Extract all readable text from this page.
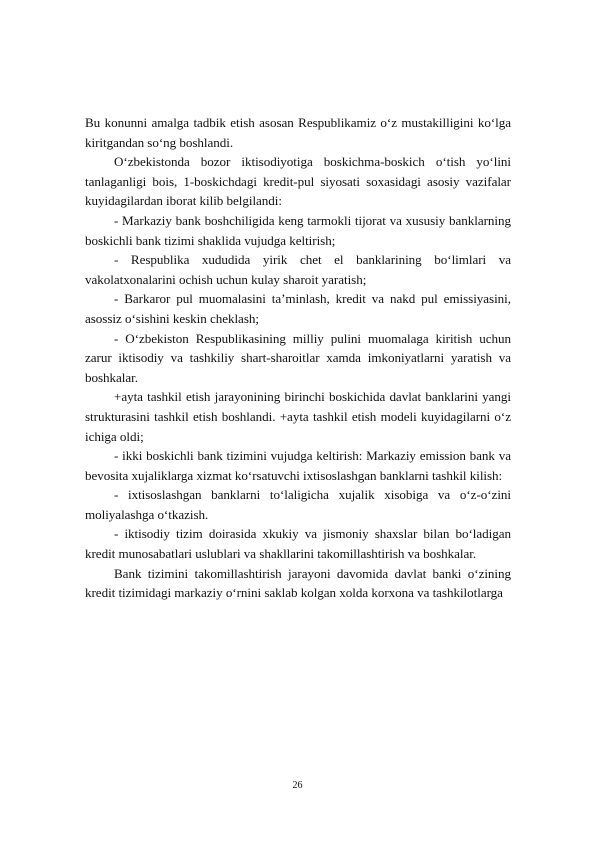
Bu konunni amalga tadbik etish asosan Respublikamiz o‘z mustakilligini ko‘lga kiritgandan so‘ng boshlandi.

O‘zbekistonda bozor iktisodiyotiga boskichma-boskich o‘tish yo‘lini tanlaganligi bois, 1-boskichdagi kredit-pul siyosati soxasidagi asosiy vazifalar kuyidagilardan iborat kilib belgilandi:

- Markaziy bank boshchiligida keng tarmokli tijorat va xususiy banklarning boskichli bank tizimi shaklida vujudga keltirish;

- Respublika xududida yirik chet el banklarining bo‘limlari va vakolatxonalarini ochish uchun kulay sharoit yaratish;

- Barkaror pul muomalasini ta’minlash, kredit va nakd pul emissiyasini, asossiz o‘sishini keskin cheklash;

- O‘zbekiston Respublikasining milliy pulini muomalaga kiritish uchun zarur iktisodiy va tashkiliy shart-sharoitlar xamda imkoniyatlarni yaratish va boshkalar.

+ayta tashkil etish jarayonining birinchi boskichida davlat banklarini yangi strukturasini tashkil etish boshlandi. +ayta tashkil etish modeli kuyidagilarni o‘z ichiga oldi;

- ikki boskichli bank tizimini vujudga keltirish: Markaziy emission bank va bevosita xujaliklarga xizmat ko‘rsatuvchi ixtisoslashgan banklarni tashkil kilish:

- ixtisoslashgan banklarni to‘laligicha xujalik xisobiga va o‘z-o‘zini moliyalashga o‘tkazish.

- iktisodiy tizim doirasida xkukiy va jismoniy shaxslar bilan bo‘ladigan kredit munosabatlari uslublari va shakllarini takomillashtirish va boshkalar.

Bank tizimini takomillashtirish jarayoni davomida davlat banki o‘zining kredit tizimidagi markaziy o‘rnini saklab kolgan xolda korxona va tashkilotlarga

26
